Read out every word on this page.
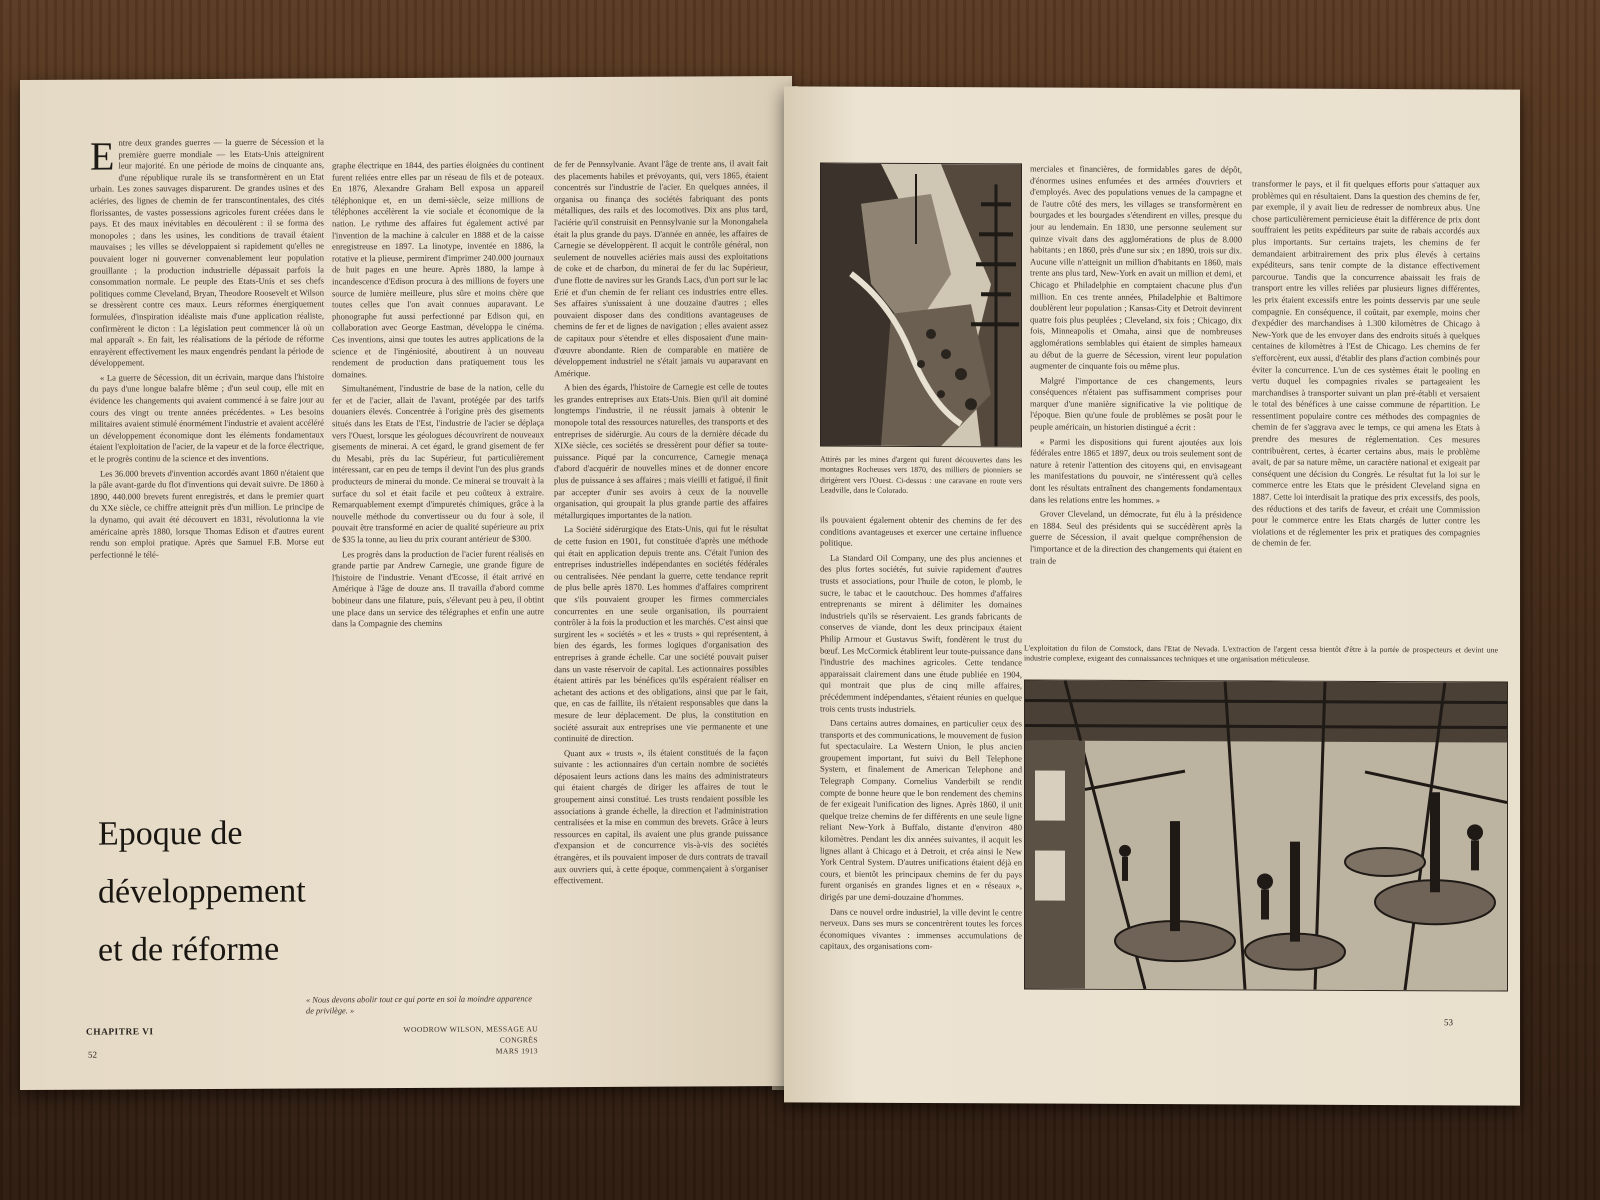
Entre deux grandes guerres — la guerre de Sécession et la première guerre mondiale — les Etats-Unis atteignirent leur majorité. En une période de moins de cinquante ans, d'une république rurale ils se transformèrent en un Etat urbain. Les zones sauvages disparurent. De grandes usines et des aciéries, des lignes de chemin de fer transcontinentales, des cités florissantes, de vastes possessions agricoles furent créées dans le pays. Et des maux inévitables en découlèrent : il se forma des monopoles ; dans les usines, les conditions de travail étaient mauvaises ; les villes se développaient si rapidement qu'elles ne pouvaient loger ni gouverner convenablement leur population grouillante ; la production industrielle dépassait parfois la consommation normale. Le peuple des Etats-Unis et ses chefs politiques comme Cleveland, Bryan, Theodore Roosevelt et Wilson se dressèrent contre ces maux. Leurs réformes énergiquement formulées, d'inspiration idéaliste mais d'une application réaliste, confirmèrent le dicton : La législation peut commencer là où un mal apparaît ». En fait, les réalisations de la période de réforme enrayèrent effectivement les maux engendrés pendant la période de développement.

« La guerre de Sécession, dit un écrivain, marque dans l'histoire du pays d'une longue balafre blême ; d'un seul coup, elle mit en évidence les changements qui avaient commencé à se faire jour au cours des vingt ou trente années précédentes. » Les besoins militaires avaient stimulé énormément l'industrie et avaient accéléré un développement économique dont les éléments fondamentaux étaient l'exploitation de l'acier, de la vapeur et de la force électrique, et le progrès continu de la science et des inventions.

Les 36.000 brevets d'invention accordés avant 1860 n'étaient que la pâle avant-garde du flot d'inventions qui devait suivre. De 1860 à 1890, 440.000 brevets furent enregistrés, et dans le premier quart du XXe siècle, ce chiffre atteignit près d'un million. Le principe de la dynamo, qui avait été découvert en 1831, révolutionna la vie américaine après 1880, lorsque Thomas Edison et d'autres eurent rendu son emploi pratique. Après que Samuel F.B. Morse eut perfectionné le télé-

graphe électrique en 1844, des parties éloignées du continent furent reliées entre elles par un réseau de fils et de poteaux. En 1876, Alexandre Graham Bell exposa un appareil téléphonique et, en un demi-siècle, seize millions de téléphones accélèrent la vie sociale et économique de la nation. Le rythme des affaires fut également activé par l'invention de la machine à calculer en 1888 et de la caisse enregistreuse en 1897. La linotype, inventée en 1886, la rotative et la plieuse, permirent d'imprimer 240.000 journaux de huit pages en une heure. Après 1880, la lampe à incandescence d'Edison procura à des millions de foyers une source de lumière meilleure, plus sûre et moins chère que toutes celles que l'on avait connues auparavant. Le phonographe fut aussi perfectionné par Edison qui, en collaboration avec George Eastman, développa le cinéma. Ces inventions, ainsi que toutes les autres applications de la science et de l'ingéniosité, aboutirent à un nouveau rendement de production dans pratiquement tous les domaines.

Simultanément, l'industrie de base de la nation, celle du fer et de l'acier, allait de l'avant, protégée par des tarifs douaniers élevés. Concentrée à l'origine près des gisements situés dans les Etats de l'Est, l'industrie de l'acier se déplaça vers l'Ouest, lorsque les géologues découvrirent de nouveaux gisements de minerai. A cet égard, le grand gisement de fer du Mesabi, près du lac Supérieur, fut particulièrement intéressant, car en peu de temps il devint l'un des plus grands producteurs de minerai du monde. Ce minerai se trouvait à la surface du sol et était facile et peu coûteux à extraire. Remarquablement exempt d'impuretés chimiques, grâce à la nouvelle méthode du convertisseur ou du four à sole, il pouvait être transformé en acier de qualité supérieure au prix de $35 la tonne, au lieu du prix courant antérieur de $300.

Les progrès dans la production de l'acier furent réalisés en grande partie par Andrew Carnegie, une grande figure de l'histoire de l'industrie. Venant d'Ecosse, il était arrivé en Amérique à l'âge de douze ans. Il travailla d'abord comme bobineur dans une filature, puis, s'élevant peu à peu, il obtint une place dans un service des télégraphes et enfin une autre dans la Compagnie des chemins

de fer de Pennsylvanie. Avant l'âge de trente ans, il avait fait des placements habiles et prévoyants, qui, vers 1865, étaient concentrés sur l'industrie de l'acier. En quelques années, il organisa ou finança des sociétés fabriquant des ponts métalliques, des rails et des locomotives. Dix ans plus tard, l'aciérie qu'il construisit en Pennsylvanie sur la Monongahela était la plus grande du pays. D'année en année, les affaires de Carnegie se développèrent. Il acquit le contrôle général, non seulement de nouvelles aciéries mais aussi des exploitations de coke et de charbon, du minerai de fer du lac Supérieur, d'une flotte de navires sur les Grands Lacs, d'un port sur le lac Erié et d'un chemin de fer reliant ces industries entre elles. Ses affaires s'unissaient à une douzaine d'autres ; elles pouvaient disposer dans des conditions avantageuses de chemins de fer et de lignes de navigation ; elles avaient assez de capitaux pour s'étendre et elles disposaient d'une main-d'œuvre abondante. Rien de comparable en matière de développement industriel ne s'était jamais vu auparavant en Amérique.

A bien des égards, l'histoire de Carnegie est celle de toutes les grandes entreprises aux Etats-Unis. Bien qu'il ait dominé longtemps l'industrie, il ne réussit jamais à obtenir le monopole total des ressources naturelles, des transports et des entreprises de sidérurgie. Au cours de la dernière décade du XIXe siècle, ces sociétés se dressèrent pour défier sa toute-puissance. Piqué par la concurrence, Carnegie menaça d'abord d'acquérir de nouvelles mines et de donner encore plus de puissance à ses affaires ; mais vieilli et fatigué, il finit par accepter d'unir ses avoirs à ceux de la nouvelle organisation, qui groupait la plus grande partie des affaires métallurgiques importantes de la nation.

La Société sidérurgique des Etats-Unis, qui fut le résultat de cette fusion en 1901, fut constituée d'après une méthode qui était en application depuis trente ans. C'était l'union des entreprises industrielles indépendantes en sociétés fédérales ou centralisées. Née pendant la guerre, cette tendance reprit de plus belle après 1870. Les hommes d'affaires comprirent que s'ils pouvaient grouper les firmes commerciales concurrentes en une seule organisation, ils pourraient contrôler à la fois la production et les marchés. C'est ainsi que surgirent les « sociétés » et les « trusts » qui représentent, à bien des égards, les formes logiques d'organisation des entreprises à grande échelle. Car une société pouvait puiser dans un vaste réservoir de capital. Les actionnaires possibles étaient attirés par les bénéfices qu'ils espéraient réaliser en achetant des actions et des obligations, ainsi que par le fait, que, en cas de faillite, ils n'étaient responsables que dans la mesure de leur déplacement. De plus, la constitution en société assurait aux entreprises une vie permanente et une continuité de direction.

Quant aux « trusts », ils étaient constitués de la façon suivante : les actionnaires d'un certain nombre de sociétés déposaient leurs actions dans les mains des administrateurs qui étaient chargés de diriger les affaires de tout le groupement ainsi constitué. Les trusts rendaient possible les associations à grande échelle, la direction et l'administration centralisées et la mise en commun des brevets. Grâce à leurs ressources en capital, ils avaient une plus grande puissance d'expansion et de concurrence vis-à-vis des sociétés étrangères, et ils pouvaient imposer de durs contrats de travail aux ouvriers qui, à cette époque, commençaient à s'organiser effectivement.

Epoque de
développement
et de réforme
« Nous devons abolir tout ce qui porte en soi la moindre apparence de privilège. »
WOODROW WILSON, MESSAGE AU CONGRÈS
MARS 1913
CHAPITRE VI
52
Attirés par les mines d'argent qui furent découvertes dans les montagnes Rocheuses vers 1870, des milliers de pionniers se dirigèrent vers l'Ouest. Ci-dessus : une caravane en route vers Leadville, dans le Colorado.

ils pouvaient également obtenir des chemins de fer des conditions avantageuses et exercer une certaine influence politique.

La Standard Oil Company, une des plus anciennes et des plus fortes sociétés, fut suivie rapidement d'autres trusts et associations, pour l'huile de coton, le plomb, le sucre, le tabac et le caoutchouc. Des hommes d'affaires entreprenants se mirent à délimiter les domaines industriels qu'ils se réservaient. Les grands fabricants de conserves de viande, dont les deux principaux étaient Philip Armour et Gustavus Swift, fondèrent le trust du bœuf. Les McCormick établirent leur toute-puissance dans l'industrie des machines agricoles. Cette tendance apparaissait clairement dans une étude publiée en 1904, qui montrait que plus de cinq mille affaires, précédemment indépendantes, s'étaient réunies en quelque trois cents trusts industriels.

Dans certains autres domaines, en particulier ceux des transports et des communications, le mouvement de fusion fut spectaculaire. La Western Union, le plus ancien groupement important, fut suivi du Bell Telephone System, et finalement de American Telephone and Telegraph Company. Cornelius Vanderbilt se rendit compte de bonne heure que le bon rendement des chemins de fer exigeait l'unification des lignes. Après 1860, il unit quelque treize chemins de fer différents en une seule ligne reliant New-York à Buffalo, distante d'environ 480 kilomètres. Pendant les dix années suivantes, il acquit les lignes allant à Chicago et à Detroit, et créa ainsi le New York Central System. D'autres unifications étaient déjà en cours, et bientôt les principaux chemins de fer du pays furent organisés en grandes lignes et en « réseaux », dirigés par une demi-douzaine d'hommes.

Dans ce nouvel ordre industriel, la ville devint le centre nerveux. Dans ses murs se concentrèrent toutes les forces économiques vivantes : immenses accumulations de capitaux, des organisations com-

merciales et financières, de formidables gares de dépôt, d'énormes usines enfumées et des armées d'ouvriers et d'employés. Avec des populations venues de la campagne et de l'autre côté des mers, les villages se transformèrent en bourgades et les bourgades s'étendirent en villes, presque du jour au lendemain. En 1830, une personne seulement sur quinze vivait dans des agglomérations de plus de 8.000 habitants ; en 1860, près d'une sur six ; en 1890, trois sur dix. Aucune ville n'atteignit un million d'habitants en 1860, mais trente ans plus tard, New-York en avait un million et demi, et Chicago et Philadelphie en comptaient chacune plus d'un million. En ces trente années, Philadelphie et Baltimore doublèrent leur population ; Kansas-City et Detroit devinrent quatre fois plus peuplées ; Cleveland, six fois ; Chicago, dix fois, Minneapolis et Omaha, ainsi que de nombreuses agglomérations semblables qui étaient de simples hameaux au début de la guerre de Sécession, virent leur population augmenter de cinquante fois ou même plus.

Malgré l'importance de ces changements, leurs conséquences n'étaient pas suffisamment comprises pour marquer d'une manière significative la vie politique de l'époque. Bien qu'une foule de problèmes se posât pour le peuple américain, un historien distingué a écrit :

« Parmi les dispositions qui furent ajoutées aux lois fédérales entre 1865 et 1897, deux ou trois seulement sont de nature à retenir l'attention des citoyens qui, en envisageant les manifestations du pouvoir, ne s'intéressent qu'à celles dont les résultats entraînent des changements fondamentaux dans les relations entre les hommes. »

Grover Cleveland, un démocrate, fut élu à la présidence en 1884. Seul des présidents qui se succédèrent après la guerre de Sécession, il avait quelque compréhension de l'importance et de la direction des changements qui étaient en train de

transformer le pays, et il fit quelques efforts pour s'attaquer aux problèmes qui en résultaient. Dans la question des chemins de fer, par exemple, il y avait lieu de redresser de nombreux abus. Une chose particulièrement pernicieuse était la différence de prix dont souffraient les petits expéditeurs par suite de rabais accordés aux plus importants. Sur certains trajets, les chemins de fer demandaient arbitrairement des prix plus élevés à certains expéditeurs, sans tenir compte de la distance effectivement parcourue. Tandis que la concurrence abaissait les frais de transport entre les villes reliées par plusieurs lignes différentes, les prix étaient excessifs entre les points desservis par une seule compagnie. En conséquence, il coûtait, par exemple, moins cher d'expédier des marchandises à 1.300 kilomètres de Chicago à New-York que de les envoyer dans des endroits situés à quelques centaines de kilomètres à l'Est de Chicago. Les chemins de fer s'efforcèrent, eux aussi, d'établir des plans d'action combinés pour éviter la concurrence. L'un de ces systèmes était le pooling en vertu duquel les compagnies rivales se partageaient les marchandises à transporter suivant un plan pré-établi et versaient le total des bénéfices à une caisse commune de répartition. Le ressentiment populaire contre ces méthodes des compagnies de chemin de fer s'aggrava avec le temps, ce qui amena les Etats à prendre des mesures de réglementation. Ces mesures contribuèrent, certes, à écarter certains abus, mais le problème avait, de par sa nature même, un caractère national et exigeait par conséquent une décision du Congrès. Le résultat fut la loi sur le commerce entre les Etats que le président Cleveland signa en 1887. Cette loi interdisait la pratique des prix excessifs, des pools, des réductions et des tarifs de faveur, et créait une Commission pour le commerce entre les Etats chargés de lutter contre les violations et de réglementer les prix et pratiques des compagnies de chemin de fer.

L'exploitation du filon de Comstock, dans l'Etat de Nevada. L'extraction de l'argent cessa bientôt d'être à la portée de prospecteurs et devint une industrie complexe, exigeant des connaissances techniques et une organisation méticuleuse.
53
